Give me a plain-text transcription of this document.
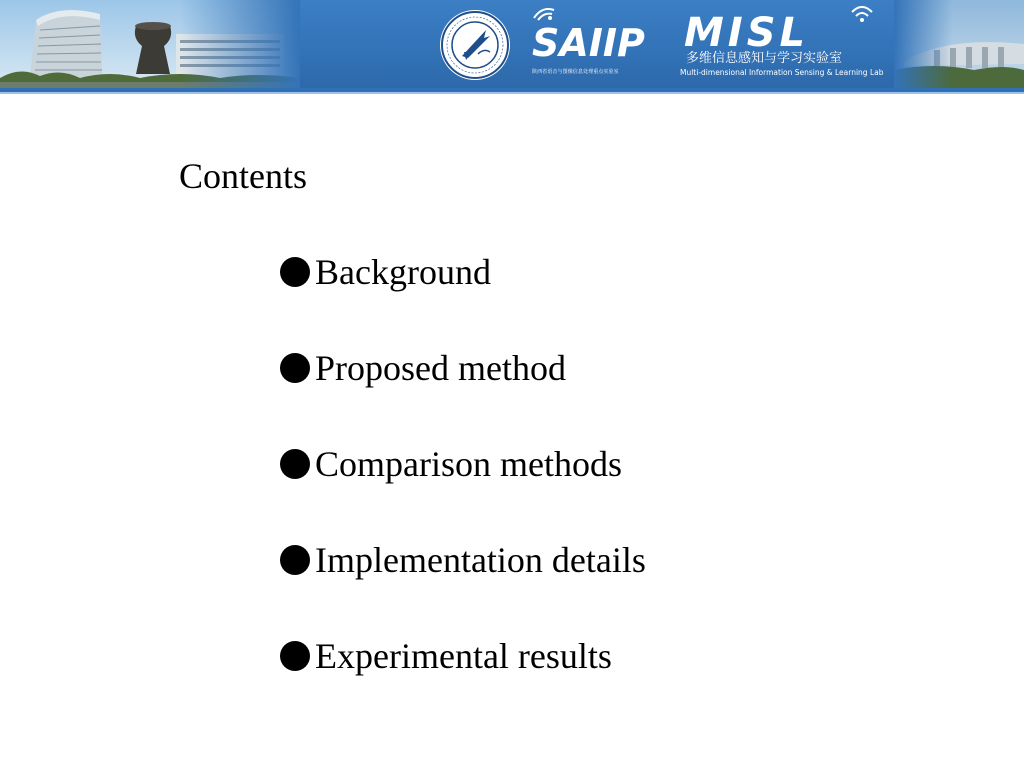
SAIIP
陕西省语音与图像信息处理重点实验室
MISL
多维信息感知与学习实验室
Multi-dimensional Information Sensing & Learning Lab
Contents
Background
Proposed method
Comparison methods
Implementation details
Experimental results
